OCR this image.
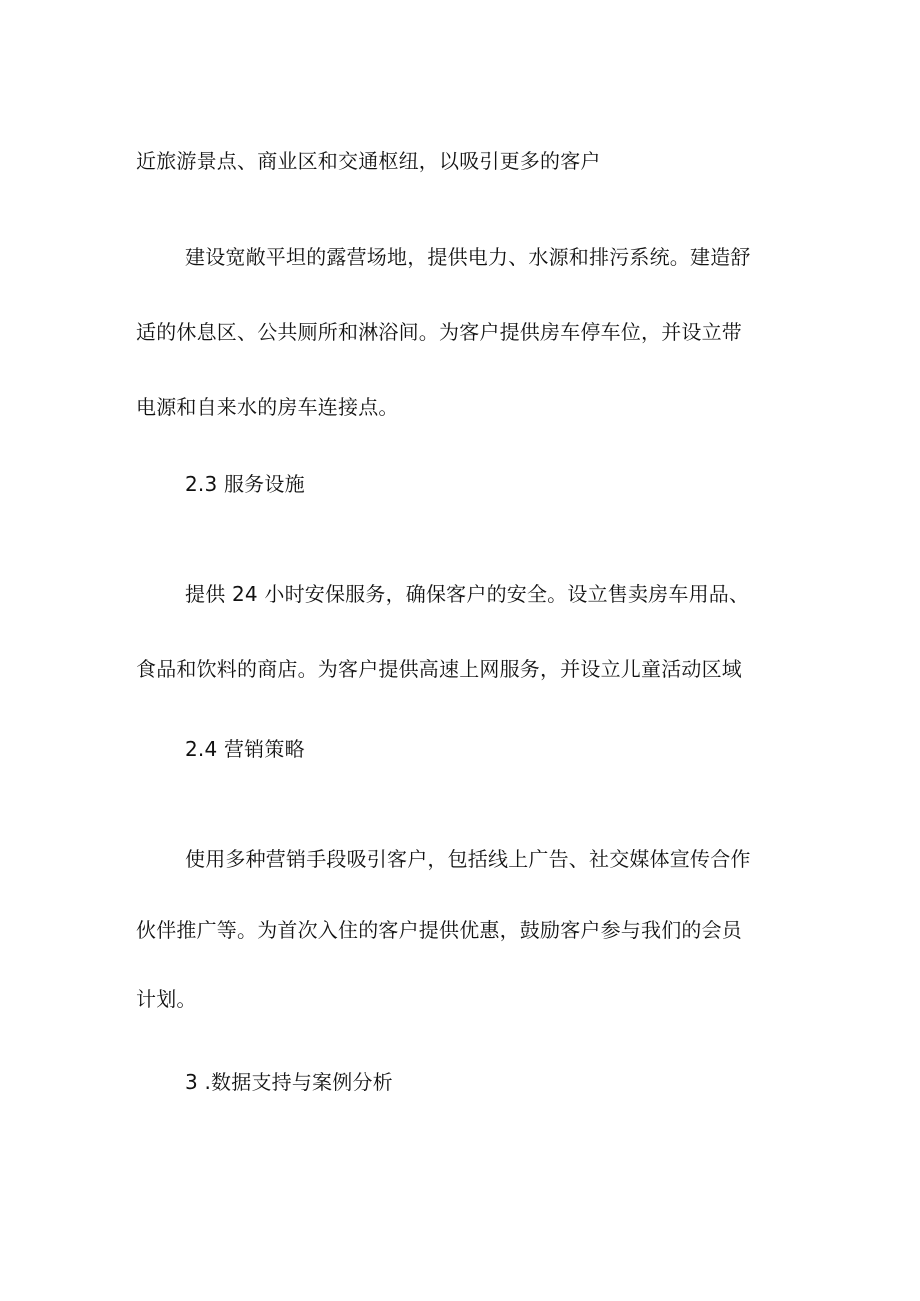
近旅游景点、商业区和交通枢纽，以吸引更多的客户
建设宽敞平坦的露营场地，提供电力、水源和排污系统。建造舒
适的休息区、公共厕所和淋浴间。为客户提供房车停车位，并设立带
电源和自来水的房车连接点。
2.3 服务设施
提供 24 小时安保服务，确保客户的安全。设立售卖房车用品、
食品和饮料的商店。为客户提供高速上网服务，并设立儿童活动区域
2.4 营销策略
使用多种营销手段吸引客户，包括线上广告、社交媒体宣传合作
伙伴推广等。为首次入住的客户提供优惠，鼓励客户参与我们的会员
计划。
3 .数据支持与案例分析
